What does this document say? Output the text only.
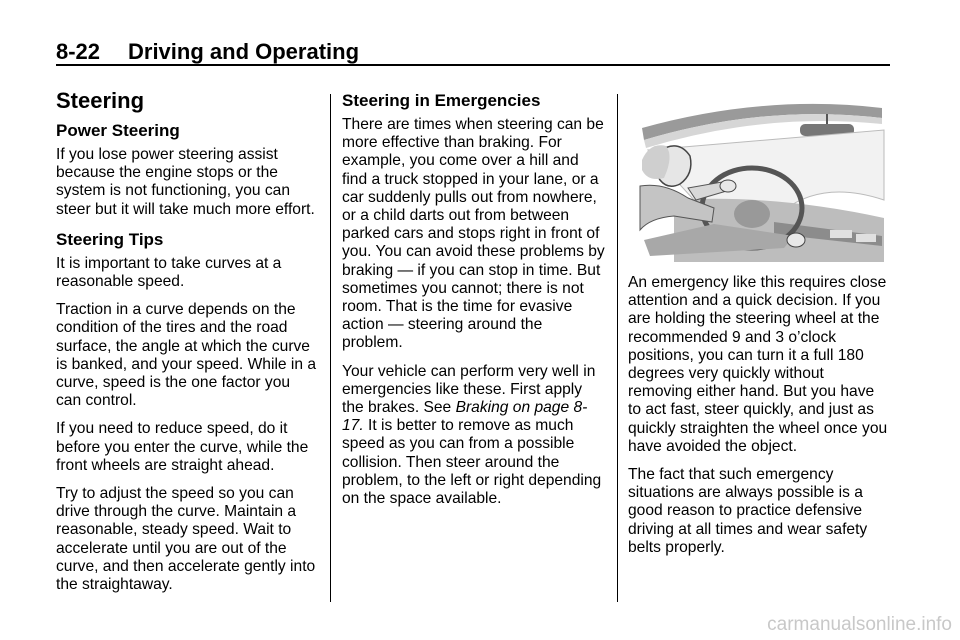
8-22 Driving and Operating
Steering
Power Steering

If you lose power steering assist because the engine stops or the system is not functioning, you can steer but it will take much more effort.

Steering Tips

It is important to take curves at a reasonable speed.

Traction in a curve depends on the condition of the tires and the road surface, the angle at which the curve is banked, and your speed. While in a curve, speed is the one factor you can control.

If you need to reduce speed, do it before you enter the curve, while the front wheels are straight ahead.

Try to adjust the speed so you can drive through the curve. Maintain a reasonable, steady speed. Wait to accelerate until you are out of the curve, and then accelerate gently into the straightaway.

Steering in Emergencies

There are times when steering can be more effective than braking. For example, you come over a hill and find a truck stopped in your lane, or a car suddenly pulls out from nowhere, or a child darts out from between parked cars and stops right in front of you. You can avoid these problems by braking — if you can stop in time. But sometimes you cannot; there is not room. That is the time for evasive action — steering around the problem.

Your vehicle can perform very well in emergencies like these. First apply the brakes. See Braking on page 8-17. It is better to remove as much speed as you can from a possible collision. Then steer around the problem, to the left or right depending on the space available.

An emergency like this requires close attention and a quick decision. If you are holding the steering wheel at the recommended 9 and 3 o’clock positions, you can turn it a full 180 degrees very quickly without removing either hand. But you have to act fast, steer quickly, and just as quickly straighten the wheel once you have avoided the object.

The fact that such emergency situations are always possible is a good reason to practice defensive driving at all times and wear safety belts properly.

carmanualsonline.info
